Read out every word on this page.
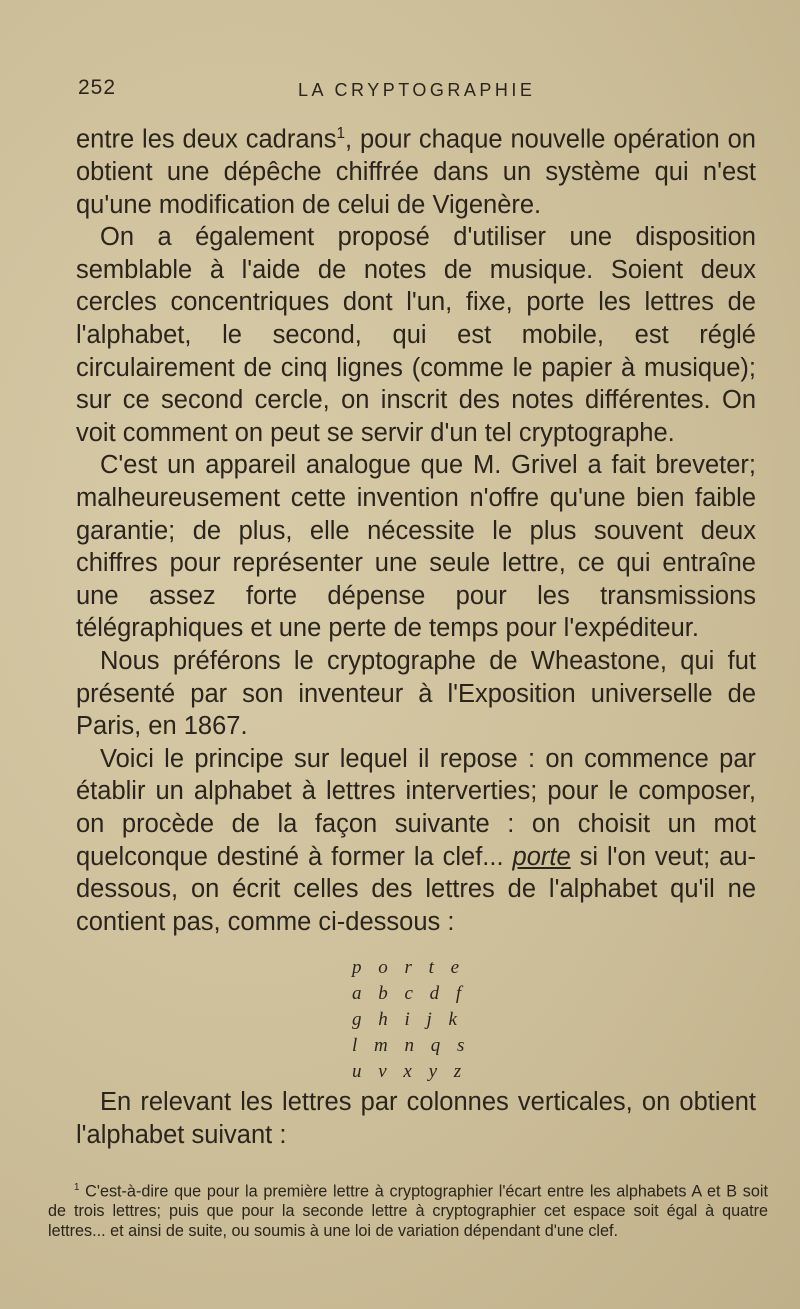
252	LA CRYPTOGRAPHIE

entre les deux cadrans$^1$, pour chaque nouvelle opération on obtient une dépêche chiffrée dans un système qui n'est qu'une modification de celui de Vigenère.

On a également proposé d'utiliser une disposition semblable à l'aide de notes de musique. Soient deux cercles concentriques dont l'un, fixe, porte les lettres de l'alphabet, le second, qui est mobile, est réglé circulairement de cinq lignes (comme le papier à musique); sur ce second cercle, on inscrit des notes différentes. On voit comment on peut se servir d'un tel cryptographe.

C'est un appareil analogue que M. Grivel a fait breveter; malheureusement cette invention n'offre qu'une bien faible garantie; de plus, elle nécessite le plus souvent deux chiffres pour représenter une seule lettre, ce qui entraîne une assez forte dépense pour les transmissions télégraphiques et une perte de temps pour l'expéditeur.

Nous préférons le cryptographe de Wheastone, qui fut présenté par son inventeur à l'Exposition universelle de Paris, en 1867.

Voici le principe sur lequel il repose : on commence par établir un alphabet à lettres interverties; pour le composer, on procède de la façon suivante : on choisit un mot quelconque destiné à former la clef... porte si l'on veut; au-dessous, on écrit celles des lettres de l'alphabet qu'il ne contient pas, comme ci-dessous :

p o r t e
a b c d f
g h i j k
l m n q s
u v x y z

En relevant les lettres par colonnes verticales, on obtient l'alphabet suivant :

$^1$ C'est-à-dire que pour la première lettre à cryptographier l'écart entre les alphabets A et B soit de trois lettres; puis que pour la seconde lettre à cryptographier cet espace soit égal à quatre lettres... et ainsi de suite, ou soumis à une loi de variation dépendant d'une clef.
